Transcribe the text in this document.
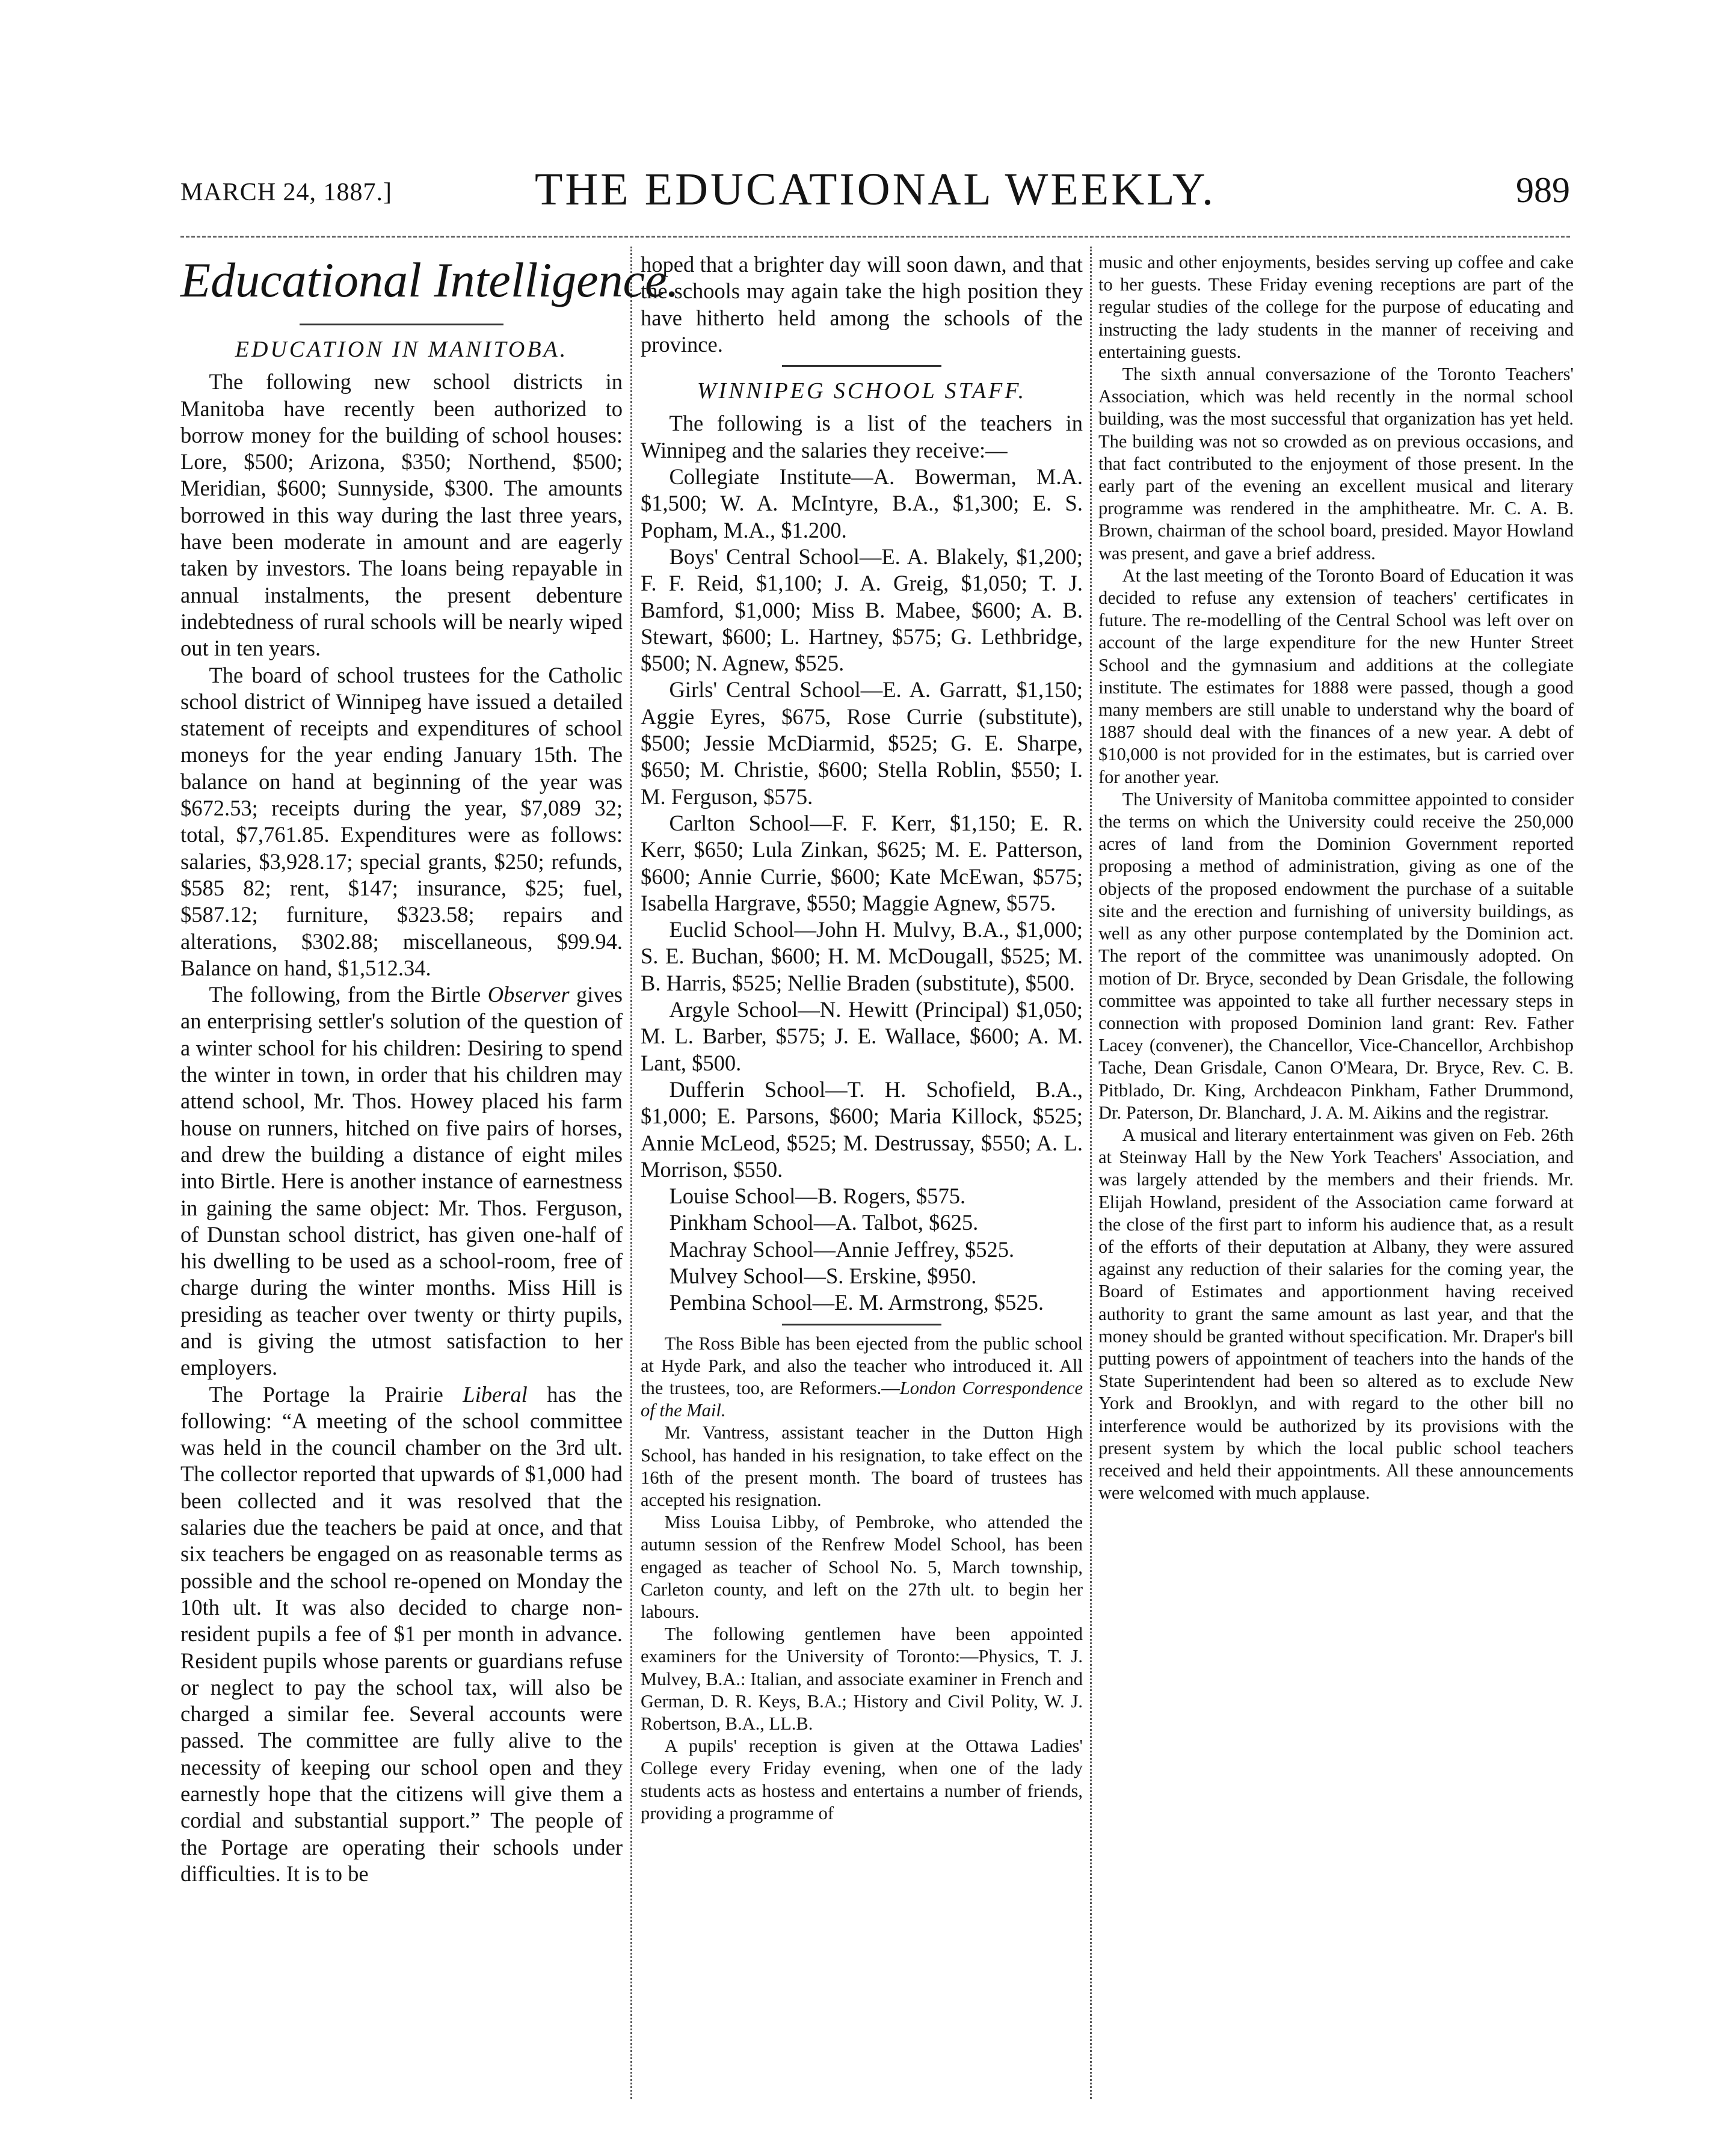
MARCH 24, 1887.]	THE EDUCATIONAL WEEKLY.	989
Educational Intelligence.
EDUCATION IN MANITOBA.

The following new school districts in Manitoba have recently been authorized to borrow money for the building of school houses: Lore, $500; Arizona, $350; Northend, $500; Meridian, $600; Sunnyside, $300. The amounts borrowed in this way during the last three years, have been moderate in amount and are eagerly taken by investors. The loans being repayable in annual instalments, the present debenture indebtedness of rural schools will be nearly wiped out in ten years.

The board of school trustees for the Catholic school district of Winnipeg have issued a detailed statement of receipts and expenditures of school moneys for the year ending January 15th. The balance on hand at beginning of the year was $672.53; receipts during the year, $7,089 32; total, $7,761.85. Expenditures were as follows: salaries, $3,928.17; special grants, $250; refunds, $585 82; rent, $147; insurance, $25; fuel, $587.12; furniture, $323.58; repairs and alterations, $302.88; miscellaneous, $99.94. Balance on hand, $1,512.34.

The following, from the Birtle Observer gives an enterprising settler's solution of the question of a winter school for his children: Desiring to spend the winter in town, in order that his children may attend school, Mr. Thos. Howey placed his farm house on runners, hitched on five pairs of horses, and drew the building a distance of eight miles into Birtle. Here is another instance of earnestness in gaining the same object: Mr. Thos. Ferguson, of Dunstan school district, has given one-half of his dwelling to be used as a school-room, free of charge during the winter months. Miss Hill is presiding as teacher over twenty or thirty pupils, and is giving the utmost satisfaction to her employers.

The Portage la Prairie Liberal has the following: “A meeting of the school committee was held in the council chamber on the 3rd ult. The collector reported that upwards of $1,000 had been collected and it was resolved that the salaries due the teachers be paid at once, and that six teachers be engaged on as reasonable terms as possible and the school re-opened on Monday the 10th ult. It was also decided to charge non-resident pupils a fee of $1 per month in advance. Resident pupils whose parents or guardians refuse or neglect to pay the school tax, will also be charged a similar fee. Several accounts were passed. The committee are fully alive to the necessity of keeping our school open and they earnestly hope that the citizens will give them a cordial and substantial support.” The people of the Portage are operating their schools under difficulties. It is to be

hoped that a brighter day will soon dawn, and that the schools may again take the high position they have hitherto held among the schools of the province.

WINNIPEG SCHOOL STAFF.

The following is a list of the teachers in Winnipeg and the salaries they receive:—

Collegiate Institute—A. Bowerman, M.A. $1,500; W. A. McIntyre, B.A., $1,300; E. S. Popham, M.A., $1.200.

Boys' Central School—E. A. Blakely, $1,200; F. F. Reid, $1,100; J. A. Greig, $1,050; T. J. Bamford, $1,000; Miss B. Mabee, $600; A. B. Stewart, $600; L. Hartney, $575; G. Lethbridge, $500; N. Agnew, $525.

Girls' Central School—E. A. Garratt, $1,150; Aggie Eyres, $675, Rose Currie (substitute), $500; Jessie McDiarmid, $525; G. E. Sharpe, $650; M. Christie, $600; Stella Roblin, $550; I. M. Ferguson, $575.

Carlton School—F. F. Kerr, $1,150; E. R. Kerr, $650; Lula Zinkan, $625; M. E. Patterson, $600; Annie Currie, $600; Kate McEwan, $575; Isabella Hargrave, $550; Maggie Agnew, $575.

Euclid School—John H. Mulvy, B.A., $1,000; S. E. Buchan, $600; H. M. McDougall, $525; M. B. Harris, $525; Nellie Braden (substitute), $500.

Argyle School—N. Hewitt (Principal) $1,050; M. L. Barber, $575; J. E. Wallace, $600; A. M. Lant, $500.

Dufferin School—T. H. Schofield, B.A., $1,000; E. Parsons, $600; Maria Killock, $525; Annie McLeod, $525; M. Destrussay, $550; A. L. Morrison, $550.

Louise School—B. Rogers, $575.

Pinkham School—A. Talbot, $625.

Machray School—Annie Jeffrey, $525.

Mulvey School—S. Erskine, $950.

Pembina School—E. M. Armstrong, $525.

The Ross Bible has been ejected from the public school at Hyde Park, and also the teacher who introduced it. All the trustees, too, are Reformers.—London Correspondence of the Mail.

Mr. Vantress, assistant teacher in the Dutton High School, has handed in his resignation, to take effect on the 16th of the present month. The board of trustees has accepted his resignation.

Miss Louisa Libby, of Pembroke, who attended the autumn session of the Renfrew Model School, has been engaged as teacher of School No. 5, March township, Carleton county, and left on the 27th ult. to begin her labours.

The following gentlemen have been appointed examiners for the University of Toronto:—Physics, T. J. Mulvey, B.A.: Italian, and associate examiner in French and German, D. R. Keys, B.A.; History and Civil Polity, W. J. Robertson, B.A., LL.B.

A pupils' reception is given at the Ottawa Ladies' College every Friday evening, when one of the lady students acts as hostess and entertains a number of friends, providing a programme of

music and other enjoyments, besides serving up coffee and cake to her guests. These Friday evening receptions are part of the regular studies of the college for the purpose of educating and instructing the lady students in the manner of receiving and entertaining guests.

The sixth annual conversazione of the Toronto Teachers' Association, which was held recently in the normal school building, was the most successful that organization has yet held. The building was not so crowded as on previous occasions, and that fact contributed to the enjoyment of those present. In the early part of the evening an excellent musical and literary programme was rendered in the amphitheatre. Mr. C. A. B. Brown, chairman of the school board, presided. Mayor Howland was present, and gave a brief address.

At the last meeting of the Toronto Board of Education it was decided to refuse any extension of teachers' certificates in future. The re-modelling of the Central School was left over on account of the large expenditure for the new Hunter Street School and the gymnasium and additions at the collegiate institute. The estimates for 1888 were passed, though a good many members are still unable to understand why the board of 1887 should deal with the finances of a new year. A debt of $10,000 is not provided for in the estimates, but is carried over for another year.

The University of Manitoba committee appointed to consider the terms on which the University could receive the 250,000 acres of land from the Dominion Government reported proposing a method of administration, giving as one of the objects of the proposed endowment the purchase of a suitable site and the erection and furnishing of university buildings, as well as any other purpose contemplated by the Dominion act. The report of the committee was unanimously adopted. On motion of Dr. Bryce, seconded by Dean Grisdale, the following committee was appointed to take all further necessary steps in connection with proposed Dominion land grant: Rev. Father Lacey (convener), the Chancellor, Vice-Chancellor, Archbishop Tache, Dean Grisdale, Canon O'Meara, Dr. Bryce, Rev. C. B. Pitblado, Dr. King, Archdeacon Pinkham, Father Drummond, Dr. Paterson, Dr. Blanchard, J. A. M. Aikins and the registrar.

A musical and literary entertainment was given on Feb. 26th at Steinway Hall by the New York Teachers' Association, and was largely attended by the members and their friends. Mr. Elijah Howland, president of the Association came forward at the close of the first part to inform his audience that, as a result of the efforts of their deputation at Albany, they were assured against any reduction of their salaries for the coming year, the Board of Estimates and apportionment having received authority to grant the same amount as last year, and that the money should be granted without specification. Mr. Draper's bill putting powers of appointment of teachers into the hands of the State Superintendent had been so altered as to exclude New York and Brooklyn, and with regard to the other bill no interference would be authorized by its provisions with the present system by which the local public school teachers received and held their appointments. All these announcements were welcomed with much applause.
